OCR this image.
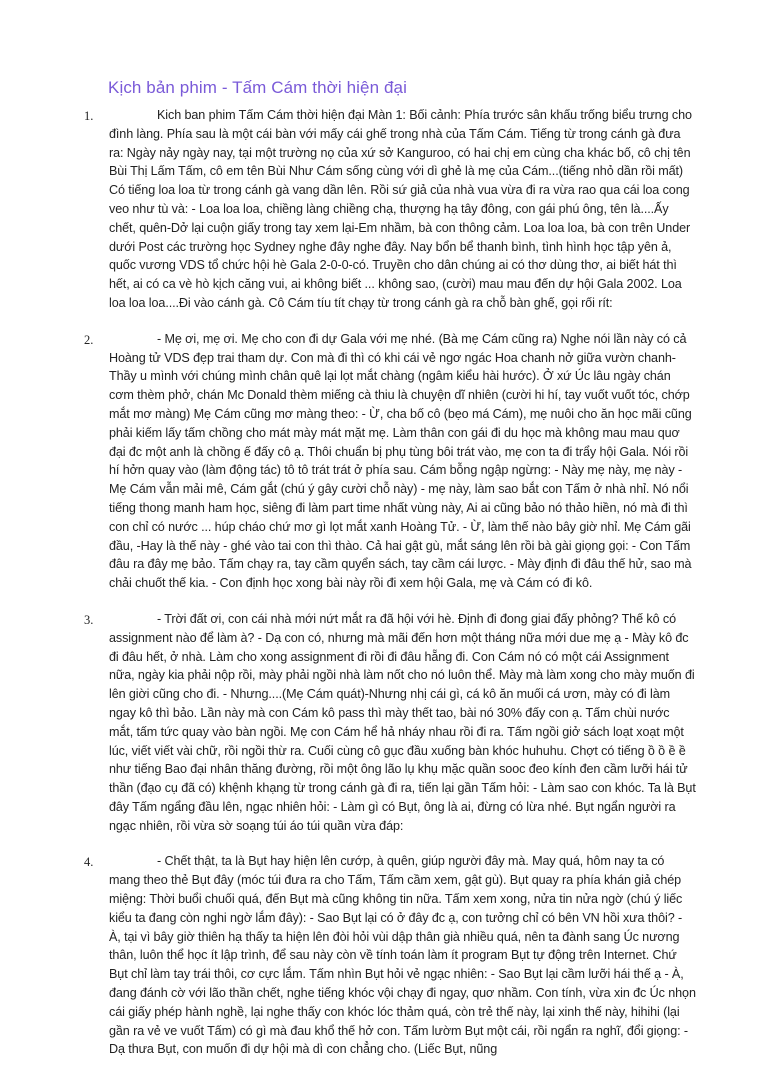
Kịch bản phim - Tấm Cám thời hiện đại
1.	Kich ban phim Tấm Cám thời hiện đại Màn 1: Bối cảnh: Phía trước sân khấu trống biểu trưng cho đình làng. Phía sau là một cái bàn với mấy cái ghế trong nhà của Tấm Cám. Tiếng từ trong cánh gà đưa ra: Ngày nảy ngày nay, tại một trường nọ của xứ sở Kanguroo, có hai chị em cùng cha khác bố, cô chị tên Bùi Thị Lấm Tấm, cô em tên Bùi Như Cám sống cùng với dì ghẻ là mẹ của Cám...(tiếng nhỏ dần rồi mất) Có tiếng loa loa từ trong cánh gà vang dần lên. Rồi sứ giả của nhà vua vừa đi ra vừa rao qua cái loa cong veo như tù và: - Loa loa loa, chiềng làng chiềng chạ, thượng hạ tây đông, con gái phú ông, tên là....Ấy chết, quên-Dở lại cuộn giấy trong tay xem lại-Em nhầm, bà con thông cảm. Loa loa loa, bà con trên Under dưới Post các trường học Sydney nghe đây nghe đây. Nay bổn bể thanh bình, tình hình học tập yên ả, quốc vương VDS tổ chức hội hè Gala 2-0-0-có. Truyền cho dân chúng ai có thơ dùng thơ, ai biết hát thì hết, ai có ca vè hò kịch căng vui, ai không biết ... không sao, (cười) mau mau đến dự hội Gala 2002. Loa loa loa loa....Đi vào cánh gà. Cô Cám tíu tít chạy từ trong cánh gà ra chỗ bàn ghế, gọi rối rít:

2.	- Mẹ ơi, mẹ ơi. Mẹ cho con đi dự Gala với mẹ nhé. (Bà mẹ Cám cũng ra) Nghe nói lần này có cả Hoàng tử VDS đẹp trai tham dự. Con mà đi thì có khi cái vẻ ngơ ngác Hoa chanh nở giữa vườn chanh-Thầy u mình với chúng mình chân quê lại lọt mắt chàng (ngâm kiểu hài hước). Ở xứ Úc lâu ngày chán cơm thèm phở, chán Mc Donald thèm miếng cà thiu là chuyện dĩ nhiên (cười hi hí, tay vuốt vuốt tóc, chớp mắt mơ màng) Mẹ Cám cũng mơ màng theo: - Ừ, cha bố cô (bẹo má Cám), mẹ nuôi cho ăn học mãi cũng phải kiếm lấy tấm chồng cho mát mày mát mặt mẹ. Làm thân con gái đi du học mà không mau mau quơ đại đc một anh là chồng ế đấy cô ạ. Thôi chuẩn bị phụ tùng bôi trát vào, mẹ con ta đi trẩy hội Gala. Nói rồi hí hởn quay vào (làm động tác) tô tô trát trát ở phía sau. Cám bỗng ngập ngừng: - Này mẹ này, mẹ này - Mẹ Cám vẫn mải mê, Cám gắt (chú ý gây cười chỗ này) - mẹ này, làm sao bắt con Tấm ở nhà nhỉ. Nó nổi tiếng thong manh ham học, siêng đi làm part time nhất vùng này, Ai ai cũng bảo nó thảo hiền, nó mà đi thì con chỉ có nước ... húp cháo chứ mơ gì lọt mắt xanh Hoàng Tử. - Ừ, làm thế nào bây giờ nhỉ. Mẹ Cám gãi đầu, -Hay là thế này - ghé vào tai con thì thào. Cả hai gật gù, mắt sáng lên rồi bà gài giọng gọi: - Con Tấm đâu ra đây mẹ bảo. Tấm chạy ra, tay cầm quyển sách, tay cầm cái lược. - Mày định đi đâu thế hử, sao mà chải chuốt thế kia. - Con định học xong bài này rồi đi xem hội Gala, mẹ và Cám có đi kô.

3.	- Trời đất ơi, con cái nhà mới nứt mắt ra đã hội với hè. Định đi đong giai đấy phỏng? Thế kô có assignment nào để làm à? - Dạ con có, nhưng mà mãi đến hơn một tháng nữa mới due mẹ ạ - Mày kô đc đi đâu hết, ở nhà. Làm cho xong assignment đi rồi đi đâu hẵng đi. Con Cám nó có một cái Assignment nữa, ngày kia phải nộp rồi, mày phải ngồi nhà làm nốt cho nó luôn thể. Mày mà làm xong cho mày muốn đi lên giời cũng cho đi. - Nhưng....(Mẹ Cám quát)-Nhưng nhị cái gì, cá kô ăn muối cá ươn, mày có đi làm ngay kô thì bảo. Lần này mà con Cám kô pass thì mày thết tao, bài nó 30% đấy con ạ. Tấm chùi nước mắt, tấm tức quay vào bàn ngồi. Mẹ con Cám hể hả nháy nhau rồi đi ra. Tấm ngồi giở sách loạt xoạt một lúc, viết viết vài chữ, rồi ngồi thừ ra. Cuối cùng cô gục đầu xuống bàn khóc huhuhu. Chợt có tiếng ồ ồ ề ề như tiếng Bao đại nhân thăng đường, rồi một ông lão lụ khụ mặc quần sooc đeo kính đen cầm lưỡi hái tử thần (đạo cụ đã có) khệnh khạng từ trong cánh gà đi ra, tiến lại gần Tấm hỏi: - Làm sao con khóc. Ta là Bụt đây Tấm ngẩng đầu lên, ngạc nhiên hỏi: - Làm gì có Bụt, ông là ai, đừng có lừa nhé. Bụt ngẩn người ra ngạc nhiên, rồi vừa sờ soạng túi áo túi quần vừa đáp:

4.	- Chết thật, ta là Bụt hay hiện lên cướp, à quên, giúp người đây mà. May quá, hôm nay ta có mang theo thẻ Bụt đây (móc túi đưa ra cho Tấm, Tấm cầm xem, gật gù). Bụt quay ra phía khán giả chép miệng: Thời buổi chuối quá, đến Bụt mà cũng không tin nữa. Tấm xem xong, nửa tin nửa ngờ (chú ý liếc kiểu ta đang còn nghi ngờ lắm đây): - Sao Bụt lại có ở đây đc ạ, con tưởng chỉ có bên VN hồi xưa thôi? - À, tại vì bây giờ thiên hạ thấy ta hiện lên đòi hỏi vùi dập thân già nhiều quá, nên ta đành sang Úc nương thân, luôn thể học ít lập trình, để sau này còn về tính toán làm ít program Bụt tự động trên Internet. Chứ Bụt chỉ làm tay trái thôi, cơ cực lắm. Tấm nhìn Bụt hỏi vẻ ngạc nhiên: - Sao Bụt lại cầm lưỡi hái thế ạ - À, đang đánh cờ với lão thần chết, nghe tiếng khóc vội chạy đi ngay, quơ nhầm. Con tính, vừa xin đc Úc nhọn cái giấy phép hành nghề, lại nghe thấy con khóc lóc thảm quá, còn trẻ thế này, lại xinh thế này, hihihi (lại gần ra vẻ ve vuốt Tấm) có gì mà đau khổ thế hở con. Tấm lườm Bụt một cái, rồi ngẩn ra nghĩ, đổi giọng: - Dạ thưa Bụt, con muốn đi dự hội mà dì con chẳng cho. (Liếc Bụt, nũng
